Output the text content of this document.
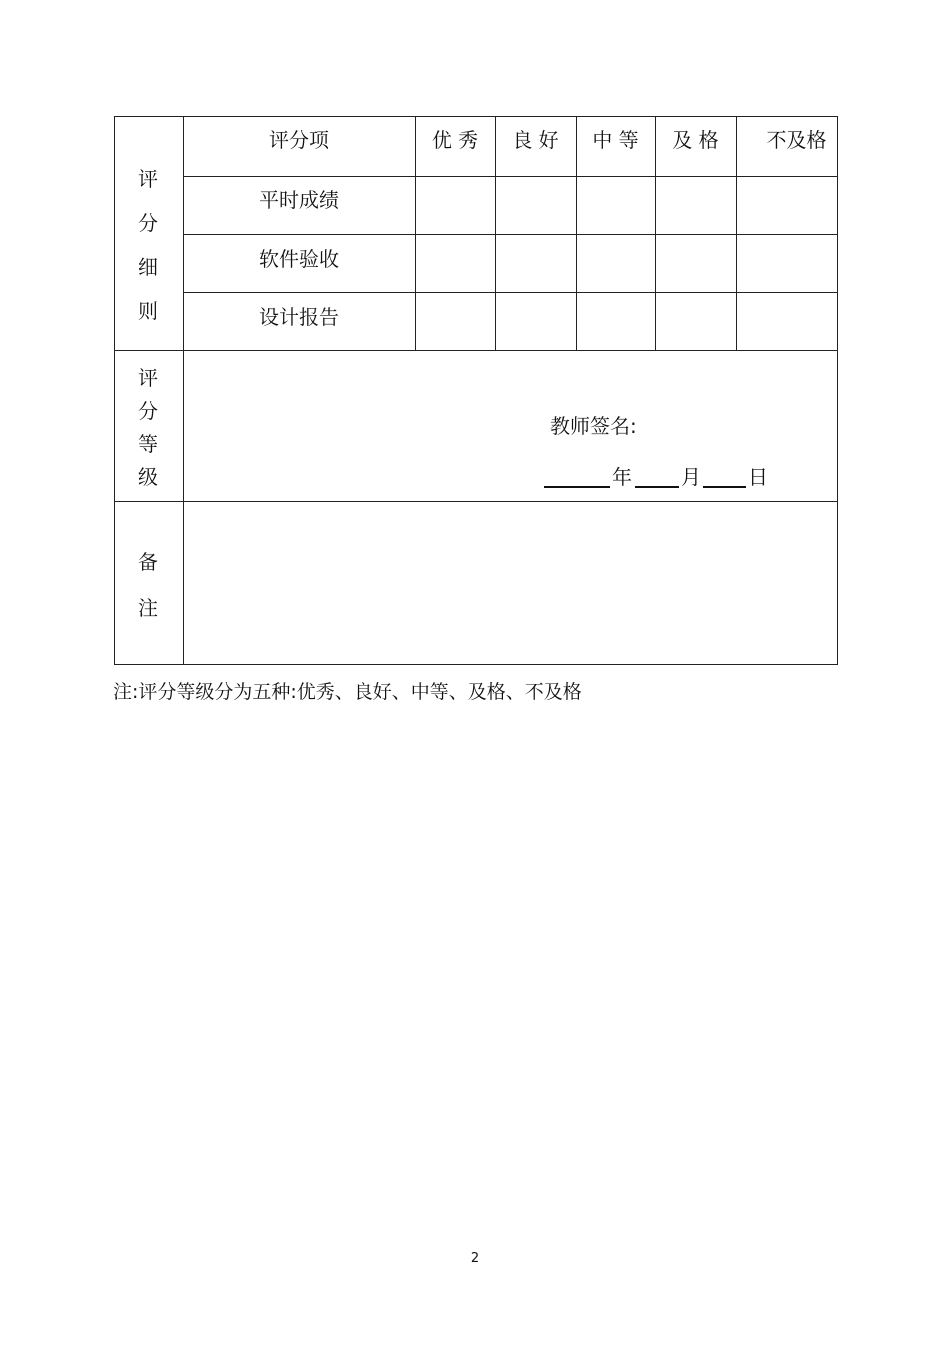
评
分
细
则
评分项	优 秀	良 好	中 等	及 格	不及格
平时成绩
软件验收
设计报告
评
分
等
级
教师签名:
年 月 日
备
注
注:评分等级分为五种:优秀、良好、中等、及格、不及格
2
